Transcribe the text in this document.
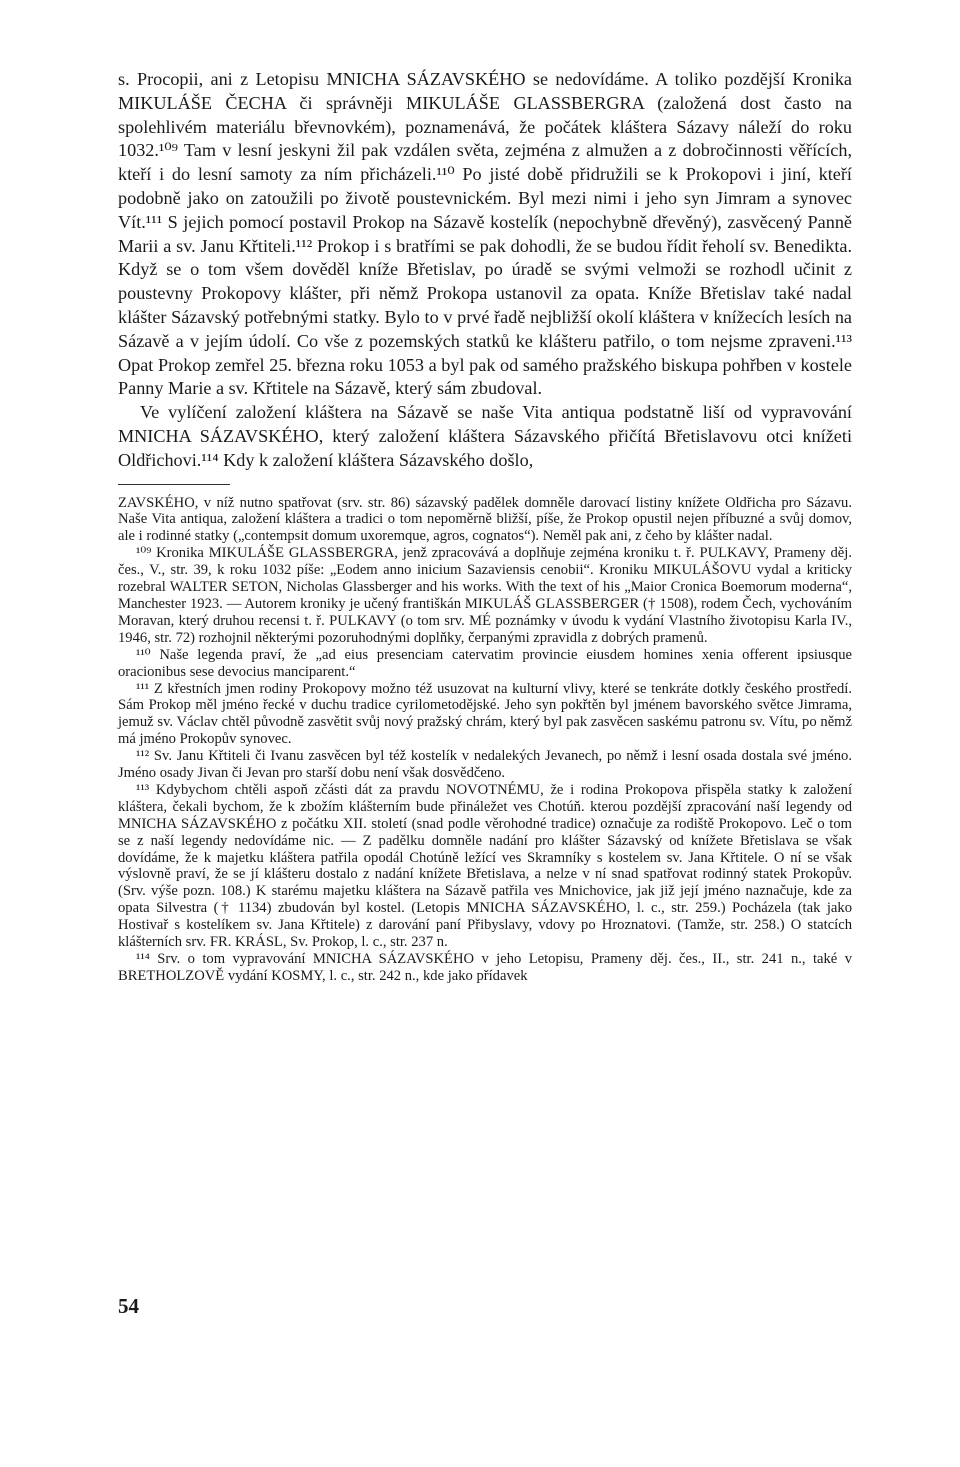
s. Procopii, ani z Letopisu MNICHA SÁZAVSKÉHO se nedovídáme. A toliko pozdější Kronika MIKULÁŠE ČECHA či správněji MIKULÁŠE GLASSBERGRA (založená dost často na spolehlivém materiálu břevnovkém), poznamenává, že počátek kláštera Sázavy náleží do roku 1032.¹⁰⁹ Tam v lesní jeskyni žil pak vzdálen světa, zejména z almužen a z dobročinnosti věřících, kteří i do lesní samoty za ním přicházeli.¹¹⁰ Po jisté době přidružili se k Prokopovi i jiní, kteří podobně jako on zatoužili po životě poustevnickém. Byl mezi nimi i jeho syn Jimram a synovec Vít.¹¹¹ S jejich pomocí postavil Prokop na Sázavě kostelík (nepochybně dřevěný), zasvěcený Panně Marii a sv. Janu Křtiteli.¹¹² Prokop i s bratřími se pak dohodli, že se budou řídit řeholí sv. Benedikta. Když se o tom všem dověděl kníže Břetislav, po úradě se svými velmoži se rozhodl učinit z poustevny Prokopovy klášter, při němž Prokopa ustanovil za opata. Kníže Břetislav také nadal klášter Sázavský potřebnými statky. Bylo to v prvé řadě nejbližší okolí kláštera v knížecích lesích na Sázavě a v jejím údolí. Co vše z pozemských statků ke klášteru patřilo, o tom nejsme zpraveni.¹¹³ Opat Prokop zemřel 25. března roku 1053 a byl pak od samého pražského biskupa pohřben v kostele Panny Marie a sv. Křtitele na Sázavě, který sám zbudoval.

Ve vylíčení založení kláštera na Sázavě se naše Vita antiqua podstatně liší od vypravování MNICHA SÁZAVSKÉHO, který založení kláštera Sázavského přičítá Břetislavovu otci knížeti Oldřichovi.¹¹⁴ Kdy k založení kláštera Sázavského došlo,

ZAVSKÉHO, v níž nutno spatřovat (srv. str. 86) sázavský padělek domněle darovací listiny knížete Oldřicha pro Sázavu. Naše Vita antiqua, založení kláštera a tradici o tom nepoměrně bližší, píše, že Prokop opustil nejen příbuzné a svůj domov, ale i rodinné statky („contempsit domum uxoremque, agros, cognatos“). Neměl pak ani, z čeho by klášter nadal.

¹⁰⁹ Kronika MIKULÁŠE GLASSBERGRA, jenž zpracovává a doplňuje zejména kroniku t. ř. PULKAVY, Prameny děj. čes., V., str. 39, k roku 1032 píše: „Eodem anno inicium Sazaviensis cenobii“. Kroniku MIKULÁŠOVU vydal a kriticky rozebral WALTER SETON, Nicholas Glassberger and his works. With the text of his „Maior Cronica Boemorum moderna“, Manchester 1923. — Autorem kroniky je učený františkán MIKULÁŠ GLASSBERGER († 1508), rodem Čech, vychováním Moravan, který druhou recensi t. ř. PULKAVY (o tom srv. MÉ poznámky v úvodu k vydání Vlastního životopisu Karla IV., 1946, str. 72) rozhojnil některými pozoruhodnými doplňky, čerpanými zpravidla z dobrých pramenů.

¹¹⁰ Naše legenda praví, že „ad eius presenciam catervatim provincie eiusdem homines xenia offerent ipsiusque oracionibus sese devocius manciparent.“

¹¹¹ Z křestních jmen rodiny Prokopovy možno též usuzovat na kulturní vlivy, které se tenkráte dotkly českého prostředí. Sám Prokop měl jméno řecké v duchu tradice cyrilometodějské. Jeho syn pokřtěn byl jménem bavorského světce Jimrama, jemuž sv. Václav chtěl původně zasvětit svůj nový pražský chrám, který byl pak zasvěcen saskému patronu sv. Vítu, po němž má jméno Prokopův synovec.

¹¹² Sv. Janu Křtiteli či Ivanu zasvěcen byl též kostelík v nedalekých Jevanech, po němž i lesní osada dostala své jméno. Jméno osady Jivan či Jevan pro starší dobu není však dosvědčeno.

¹¹³ Kdybychom chtěli aspoň zčásti dát za pravdu NOVOTNÉMU, že i rodina Prokopova přispěla statky k založení kláštera, čekali bychom, že k zbožím klášterním bude přináležet ves Chotúň. kterou pozdější zpracování naší legendy od MNICHA SÁZAVSKÉHO z počátku XII. století (snad podle věrohodné tradice) označuje za rodiště Prokopovo. Leč o tom se z naší legendy nedovídáme nic. — Z padělku domněle nadání pro klášter Sázavský od knížete Břetislava se však dovídáme, že k majetku kláštera patřila opodál Chotúně ležící ves Skramníky s kostelem sv. Jana Křtitele. O ní se však výslovně praví, že se jí klášteru dostalo z nadání knížete Břetislava, a nelze v ní snad spatřovat rodinný statek Prokopův. (Srv. výše pozn. 108.) K starému majetku kláštera na Sázavě patřila ves Mnichovice, jak již její jméno naznačuje, kde za opata Silvestra († 1134) zbudován byl kostel. (Letopis MNICHA SÁZAVSKÉHO, l. c., str. 259.) Pocházela (tak jako Hostivař s kostelíkem sv. Jana Křtitele) z darování paní Přibyslavy, vdovy po Hroznatovi. (Tamže, str. 258.) O statcích klášterních srv. FR. KRÁSL, Sv. Prokop, l. c., str. 237 n.

¹¹⁴ Srv. o tom vypravování MNICHA SÁZAVSKÉHO v jeho Letopisu, Prameny děj. čes., II., str. 241 n., také v BRETHOLZOVĚ vydání KOSMY, l. c., str. 242 n., kde jako přídavek

54
